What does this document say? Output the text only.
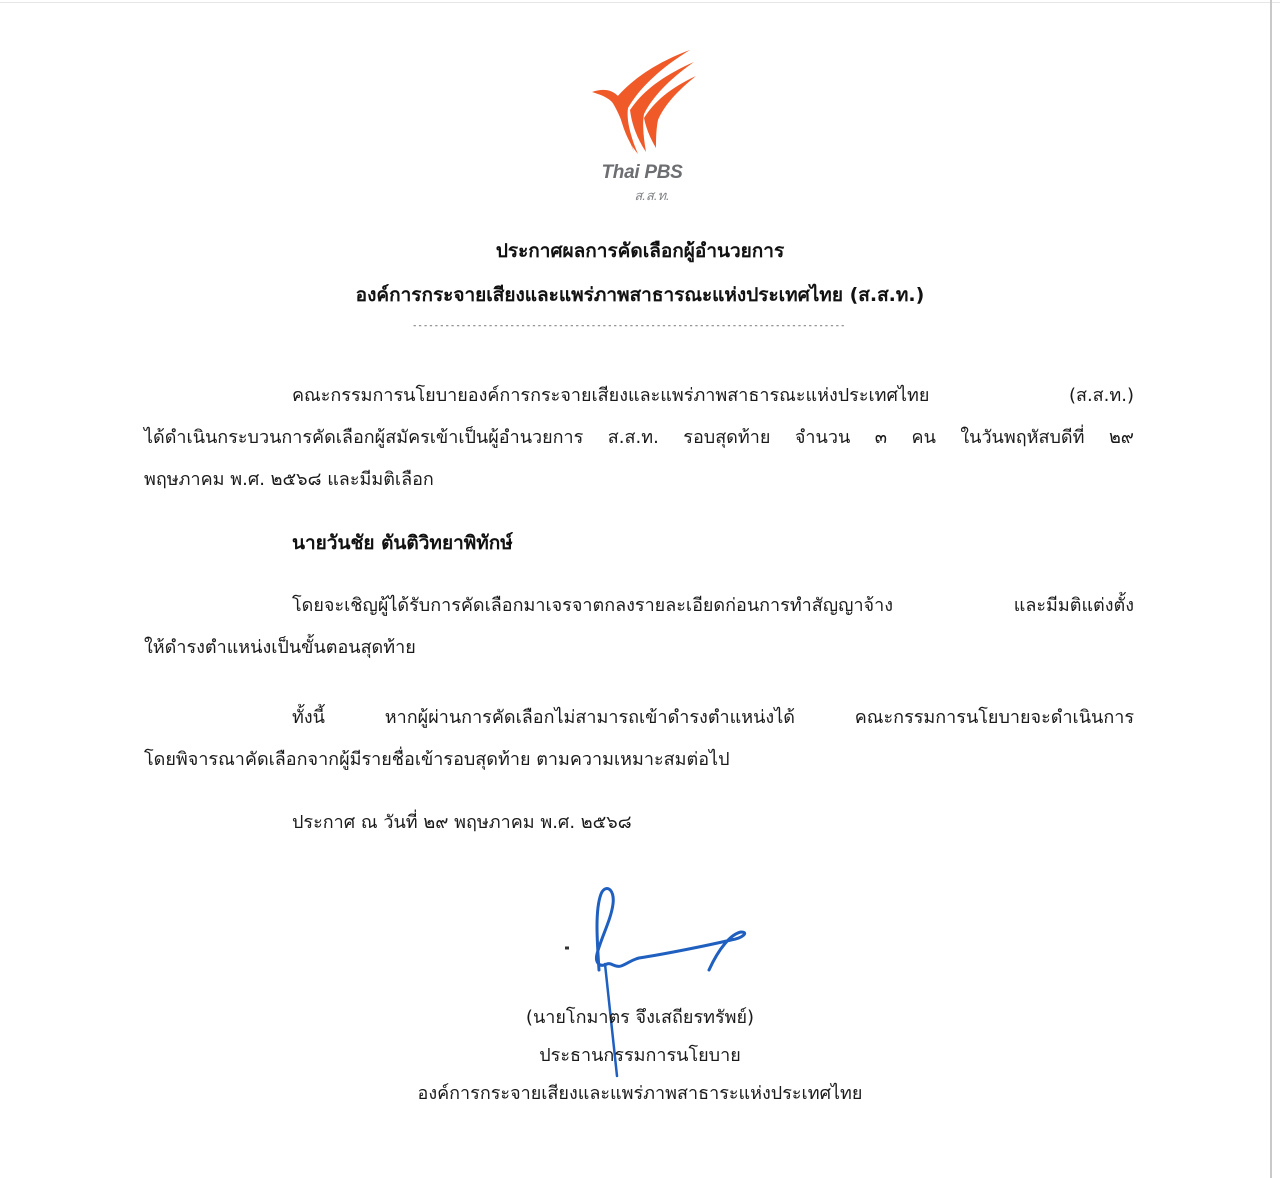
Thai PBS
ส.ส.ท.
ประกาศผลการคัดเลือกผู้อำนวยการ
องค์การกระจายเสียงและแพร่ภาพสาธารณะแห่งประเทศไทย (ส.ส.ท.)
--------------------------------------------------------------------------------
คณะกรรมการนโยบายองค์การกระจายเสียงและแพร่ภาพสาธารณะแห่งประเทศไทย (ส.ส.ท.)
ได้ดำเนินกระบวนการคัดเลือกผู้สมัครเข้าเป็นผู้อำนวยการ ส.ส.ท. รอบสุดท้าย จำนวน ๓ คน ในวันพฤหัสบดีที่ ๒๙
พฤษภาคม พ.ศ. ๒๕๖๘ และมีมติเลือก
นายวันชัย ตันติวิทยาพิทักษ์
โดยจะเชิญผู้ได้รับการคัดเลือกมาเจรจาตกลงรายละเอียดก่อนการทำสัญญาจ้าง และมีมติแต่งตั้ง
ให้ดำรงตำแหน่งเป็นขั้นตอนสุดท้าย
ทั้งนี้ หากผู้ผ่านการคัดเลือกไม่สามารถเข้าดำรงตำแหน่งได้ คณะกรรมการนโยบายจะดำเนินการ
โดยพิจารณาคัดเลือกจากผู้มีรายชื่อเข้ารอบสุดท้าย ตามความเหมาะสมต่อไป
ประกาศ ณ วันที่ ๒๙ พฤษภาคม พ.ศ. ๒๕๖๘
(นายโกมาตร จึงเสถียรทรัพย์)
ประธานกรรมการนโยบาย
องค์การกระจายเสียงและแพร่ภาพสาธาระแห่งประเทศไทย
